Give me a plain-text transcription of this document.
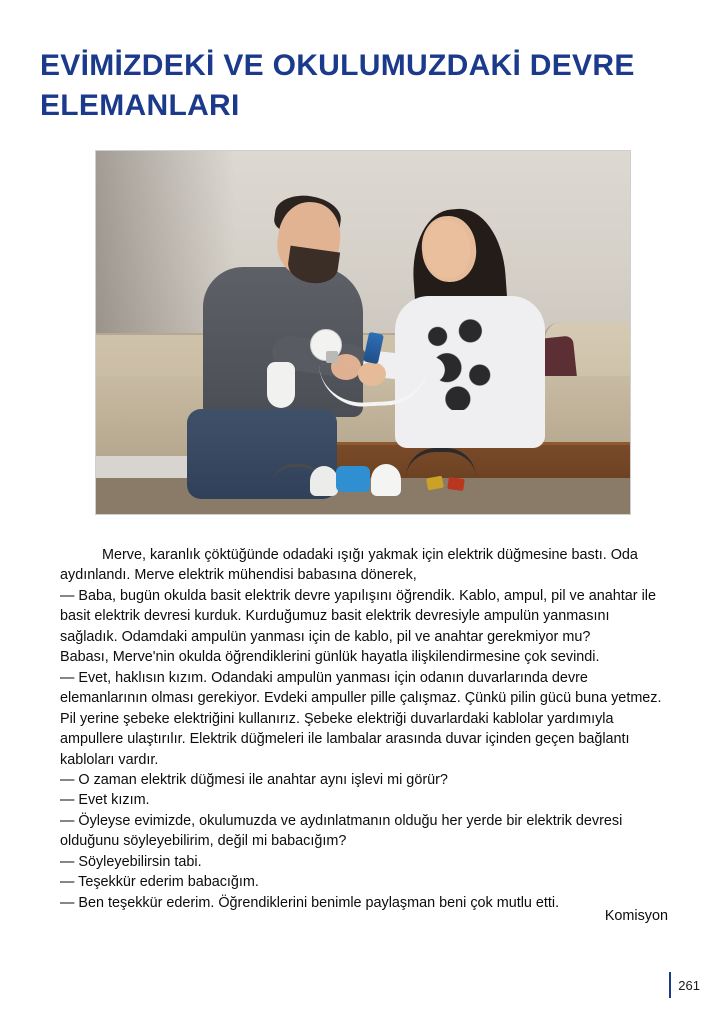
EVİMİZDEKİ VE OKULUMUZDAKİ DEVRE ELEMANLARI

Merve, karanlık çöktüğünde odadaki ışığı yakmak için elektrik düğmesine bastı. Oda aydınlandı. Merve elektrik mühendisi babasına dönerek,

— Baba, bugün okulda basit elektrik devre yapılışını öğrendik. Kablo, ampul, pil ve anahtar ile basit elektrik devresi kurduk. Kurduğumuz basit elektrik devresiyle ampulün yanmasını sağladık. Odamdaki ampulün yanması için de kablo, pil ve anahtar gerekmiyor mu?

Babası, Merve'nin okulda öğrendiklerini günlük hayatla ilişkilendirmesine çok sevindi.

— Evet, haklısın kızım. Odandaki ampulün yanması için odanın duvarlarında devre elemanlarının olması gerekiyor. Evdeki ampuller pille çalışmaz. Çünkü pilin gücü buna yetmez. Pil yerine şebeke elektriğini kullanırız. Şebeke elektriği duvarlardaki kablolar yardımıyla ampullere ulaştırılır. Elektrik düğmeleri ile lambalar arasında duvar içinden geçen bağlantı kabloları vardır.

— O zaman elektrik düğmesi ile anahtar aynı işlevi mi görür?

— Evet kızım.

— Öyleyse evimizde, okulumuzda ve aydınlatmanın olduğu her yerde bir elektrik devresi olduğunu söyleyebilirim, değil mi babacığım?

— Söyleyebilirsin tabi.

— Teşekkür ederim babacığım.

— Ben teşekkür ederim. Öğrendiklerini benimle paylaşman beni çok mutlu etti.

Komisyon
261
